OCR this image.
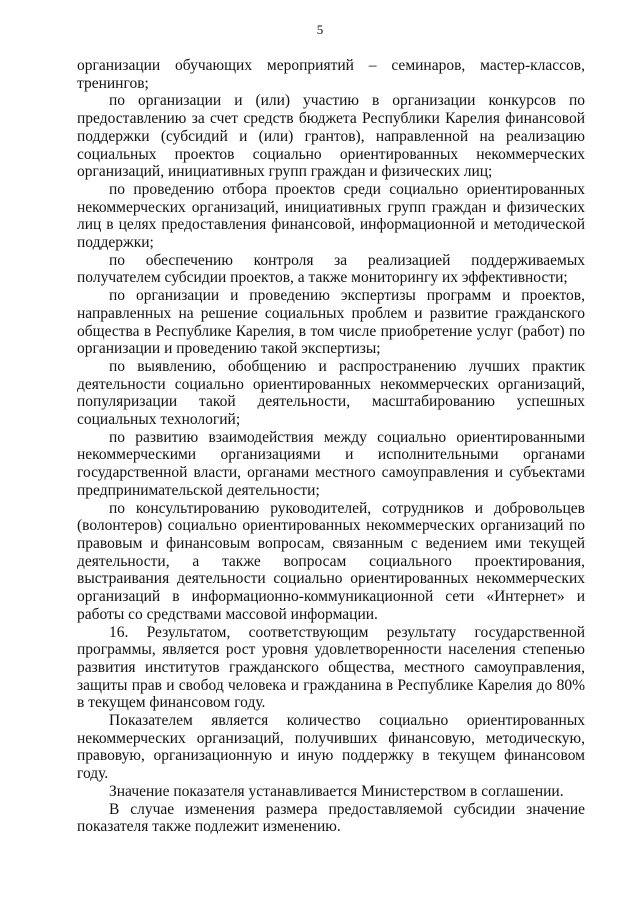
5

организации обучающих мероприятий – семинаров, мастер-классов, тренингов;

по организации и (или) участию в организации конкурсов по предоставлению за счет средств бюджета Республики Карелия финансовой поддержки (субсидий и (или) грантов), направленной на реализацию социальных проектов социально ориентированных некоммерческих организаций, инициативных групп граждан и физических лиц;

по проведению отбора проектов среди социально ориентированных некоммерческих организаций, инициативных групп граждан и физических лиц в целях предоставления финансовой, информационной и методической поддержки;

по обеспечению контроля за реализацией поддерживаемых получателем субсидии проектов, а также мониторингу их эффективности;

по организации и проведению экспертизы программ и проектов, направленных на решение социальных проблем и развитие гражданского общества в Республике Карелия, в том числе приобретение услуг (работ) по организации и проведению такой экспертизы;

по выявлению, обобщению и распространению лучших практик деятельности социально ориентированных некоммерческих организаций, популяризации такой деятельности, масштабированию успешных социальных технологий;

по развитию взаимодействия между социально ориентированными некоммерческими организациями и исполнительными органами государственной власти, органами местного самоуправления и субъектами предпринимательской деятельности;

по консультированию руководителей, сотрудников и добровольцев (волонтеров) социально ориентированных некоммерческих организаций по правовым и финансовым вопросам, связанным с ведением ими текущей деятельности, а также вопросам социального проектирования, выстраивания деятельности социально ориентированных некоммерческих организаций в информационно-коммуникационной сети «Интернет» и работы со средствами массовой информации.

16. Результатом, соответствующим результату государственной программы, является рост уровня удовлетворенности населения степенью развития институтов гражданского общества, местного самоуправления, защиты прав и свобод человека и гражданина в Республике Карелия до 80% в текущем финансовом году.

Показателем является количество социально ориентированных некоммерческих организаций, получивших финансовую, методическую, правовую, организационную и иную поддержку в текущем финансовом году.

Значение показателя устанавливается Министерством в соглашении.

В случае изменения размера предоставляемой субсидии значение показателя также подлежит изменению.
